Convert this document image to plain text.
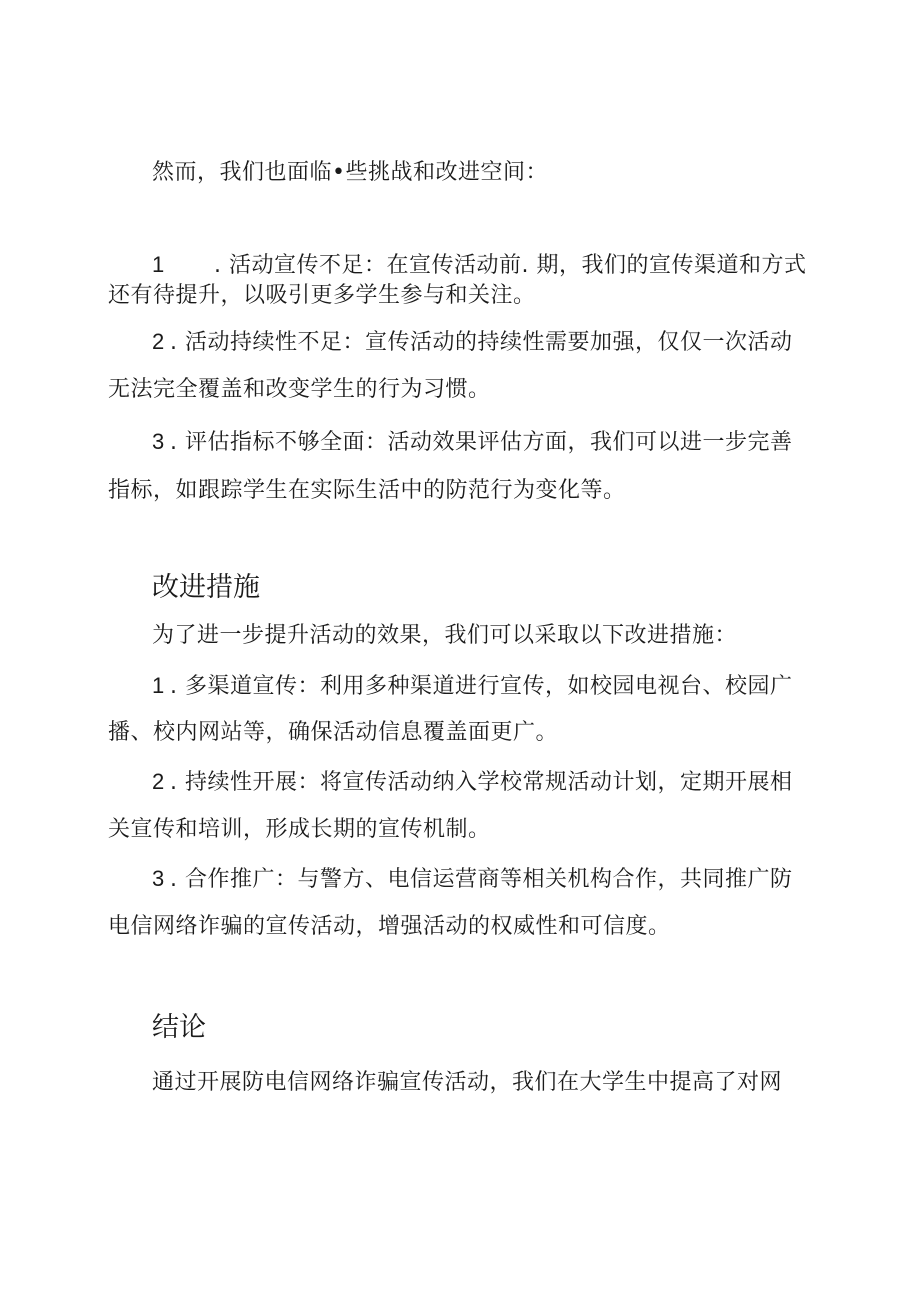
然而，我们也面临•些挑战和改进空间：
1 . 活动宣传不足：在宣传活动前. 期，我们的宣传渠道和方式
还有待提升，以吸引更多学生参与和关注。
2 . 活动持续性不足：宣传活动的持续性需要加强，仅仅一次活动
无法完全覆盖和改变学生的行为习惯。
3 . 评估指标不够全面：活动效果评估方面，我们可以进一步完善
指标，如跟踪学生在实际生活中的防范行为变化等。
改进措施
为了进一步提升活动的效果，我们可以采取以下改进措施：
1 . 多渠道宣传：利用多种渠道进行宣传，如校园电视台、校园广
播、校内网站等，确保活动信息覆盖面更广。
2 . 持续性开展：将宣传活动纳入学校常规活动计划，定期开展相
关宣传和培训，形成长期的宣传机制。
3 . 合作推广：与警方、电信运营商等相关机构合作，共同推广防
电信网络诈骗的宣传活动，增强活动的权威性和可信度。
结论
通过开展防电信网络诈骗宣传活动，我们在大学生中提高了对网
